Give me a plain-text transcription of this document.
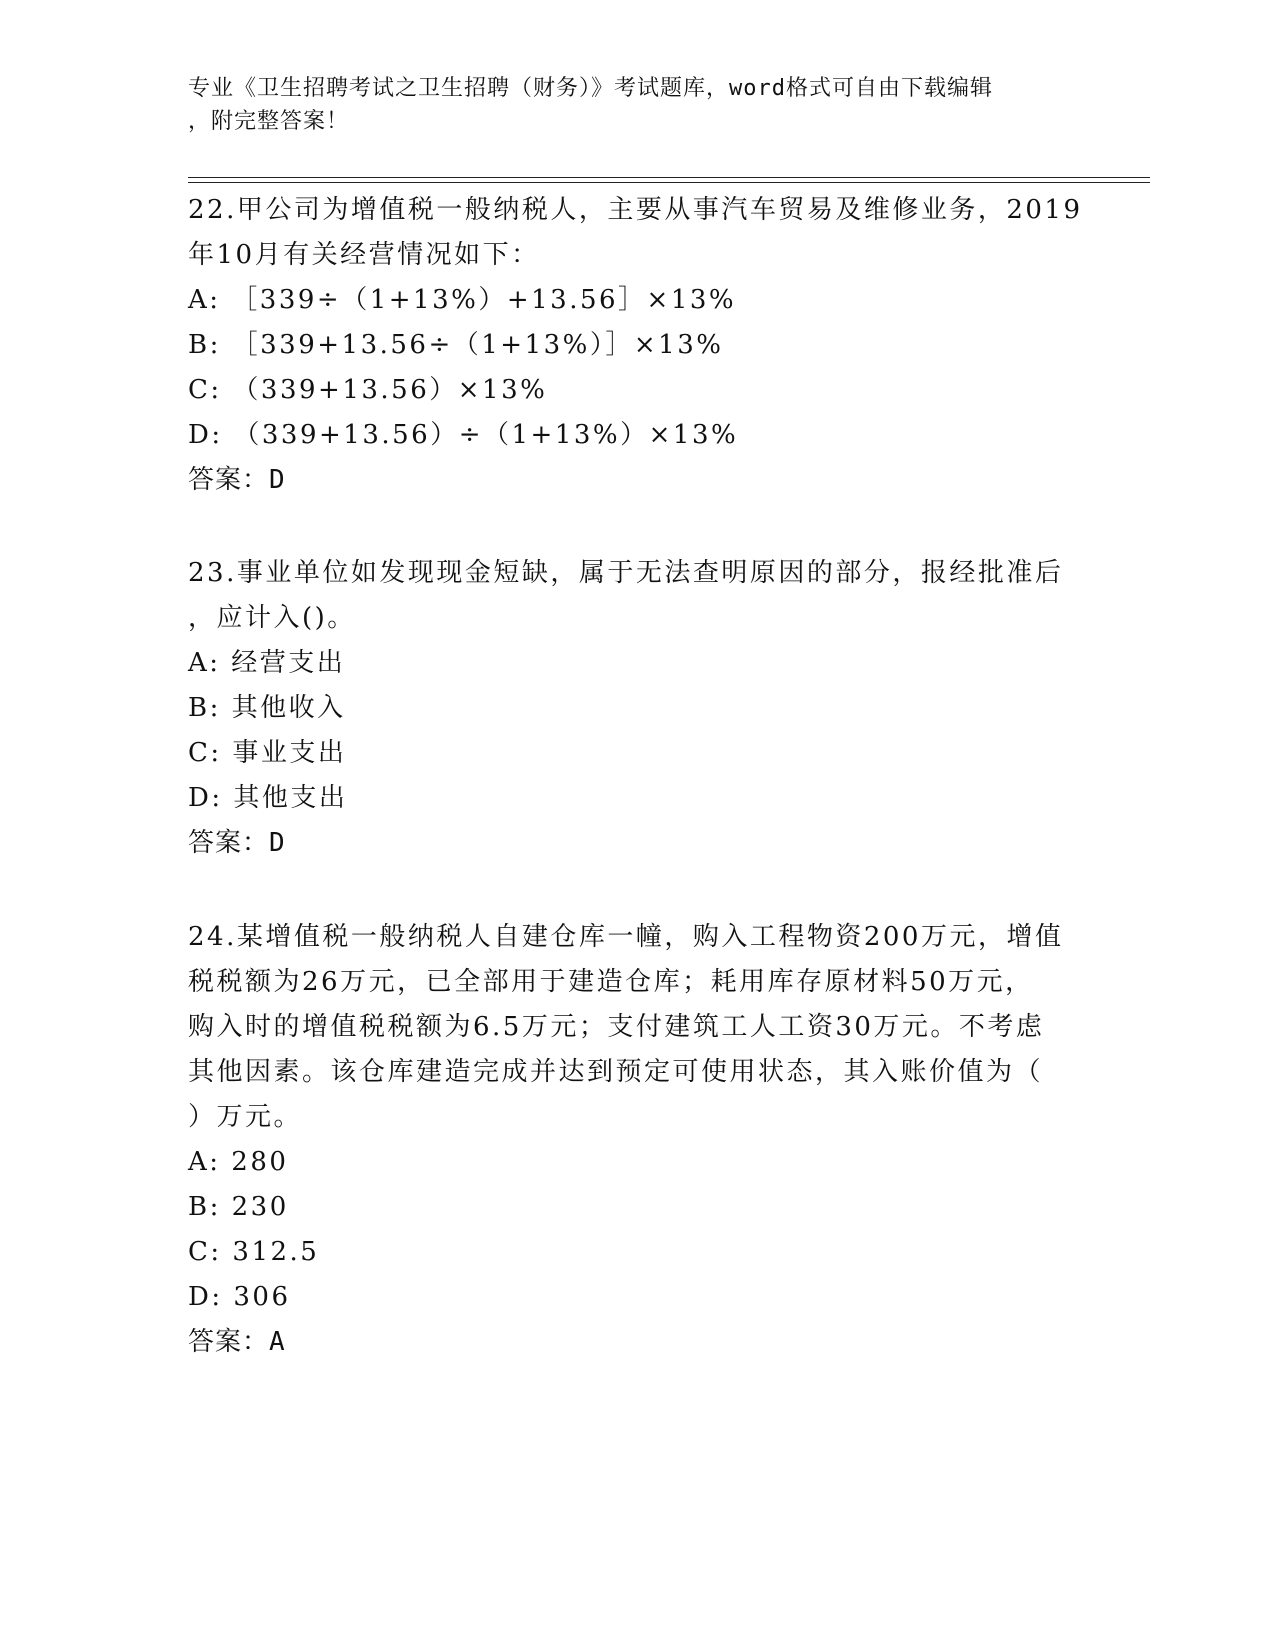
专业《卫生招聘考试之卫生招聘（财务）》考试题库，word格式可自由下载编辑
，附完整答案！
22.甲公司为增值税一般纳税人，主要从事汽车贸易及维修业务，2019
年10月有关经营情况如下：
A: ［339÷（1+13%）+13.56］×13%
B: ［339+13.56÷（1+13%）］×13%
C: （339+13.56）×13%
D: （339+13.56）÷（1+13%）×13%
答案：D
23.事业单位如发现现金短缺，属于无法查明原因的部分，报经批准后
，应计入()。
A: 经营支出
B: 其他收入
C: 事业支出
D: 其他支出
答案：D
24.某增值税一般纳税人自建仓库一幢，购入工程物资200万元，增值
税税额为26万元，已全部用于建造仓库；耗用库存原材料50万元，
购入时的增值税税额为6.5万元；支付建筑工人工资30万元。不考虑
其他因素。该仓库建造完成并达到预定可使用状态，其入账价值为（
）万元。
A: 280
B: 230
C: 312.5
D: 306
答案：A
